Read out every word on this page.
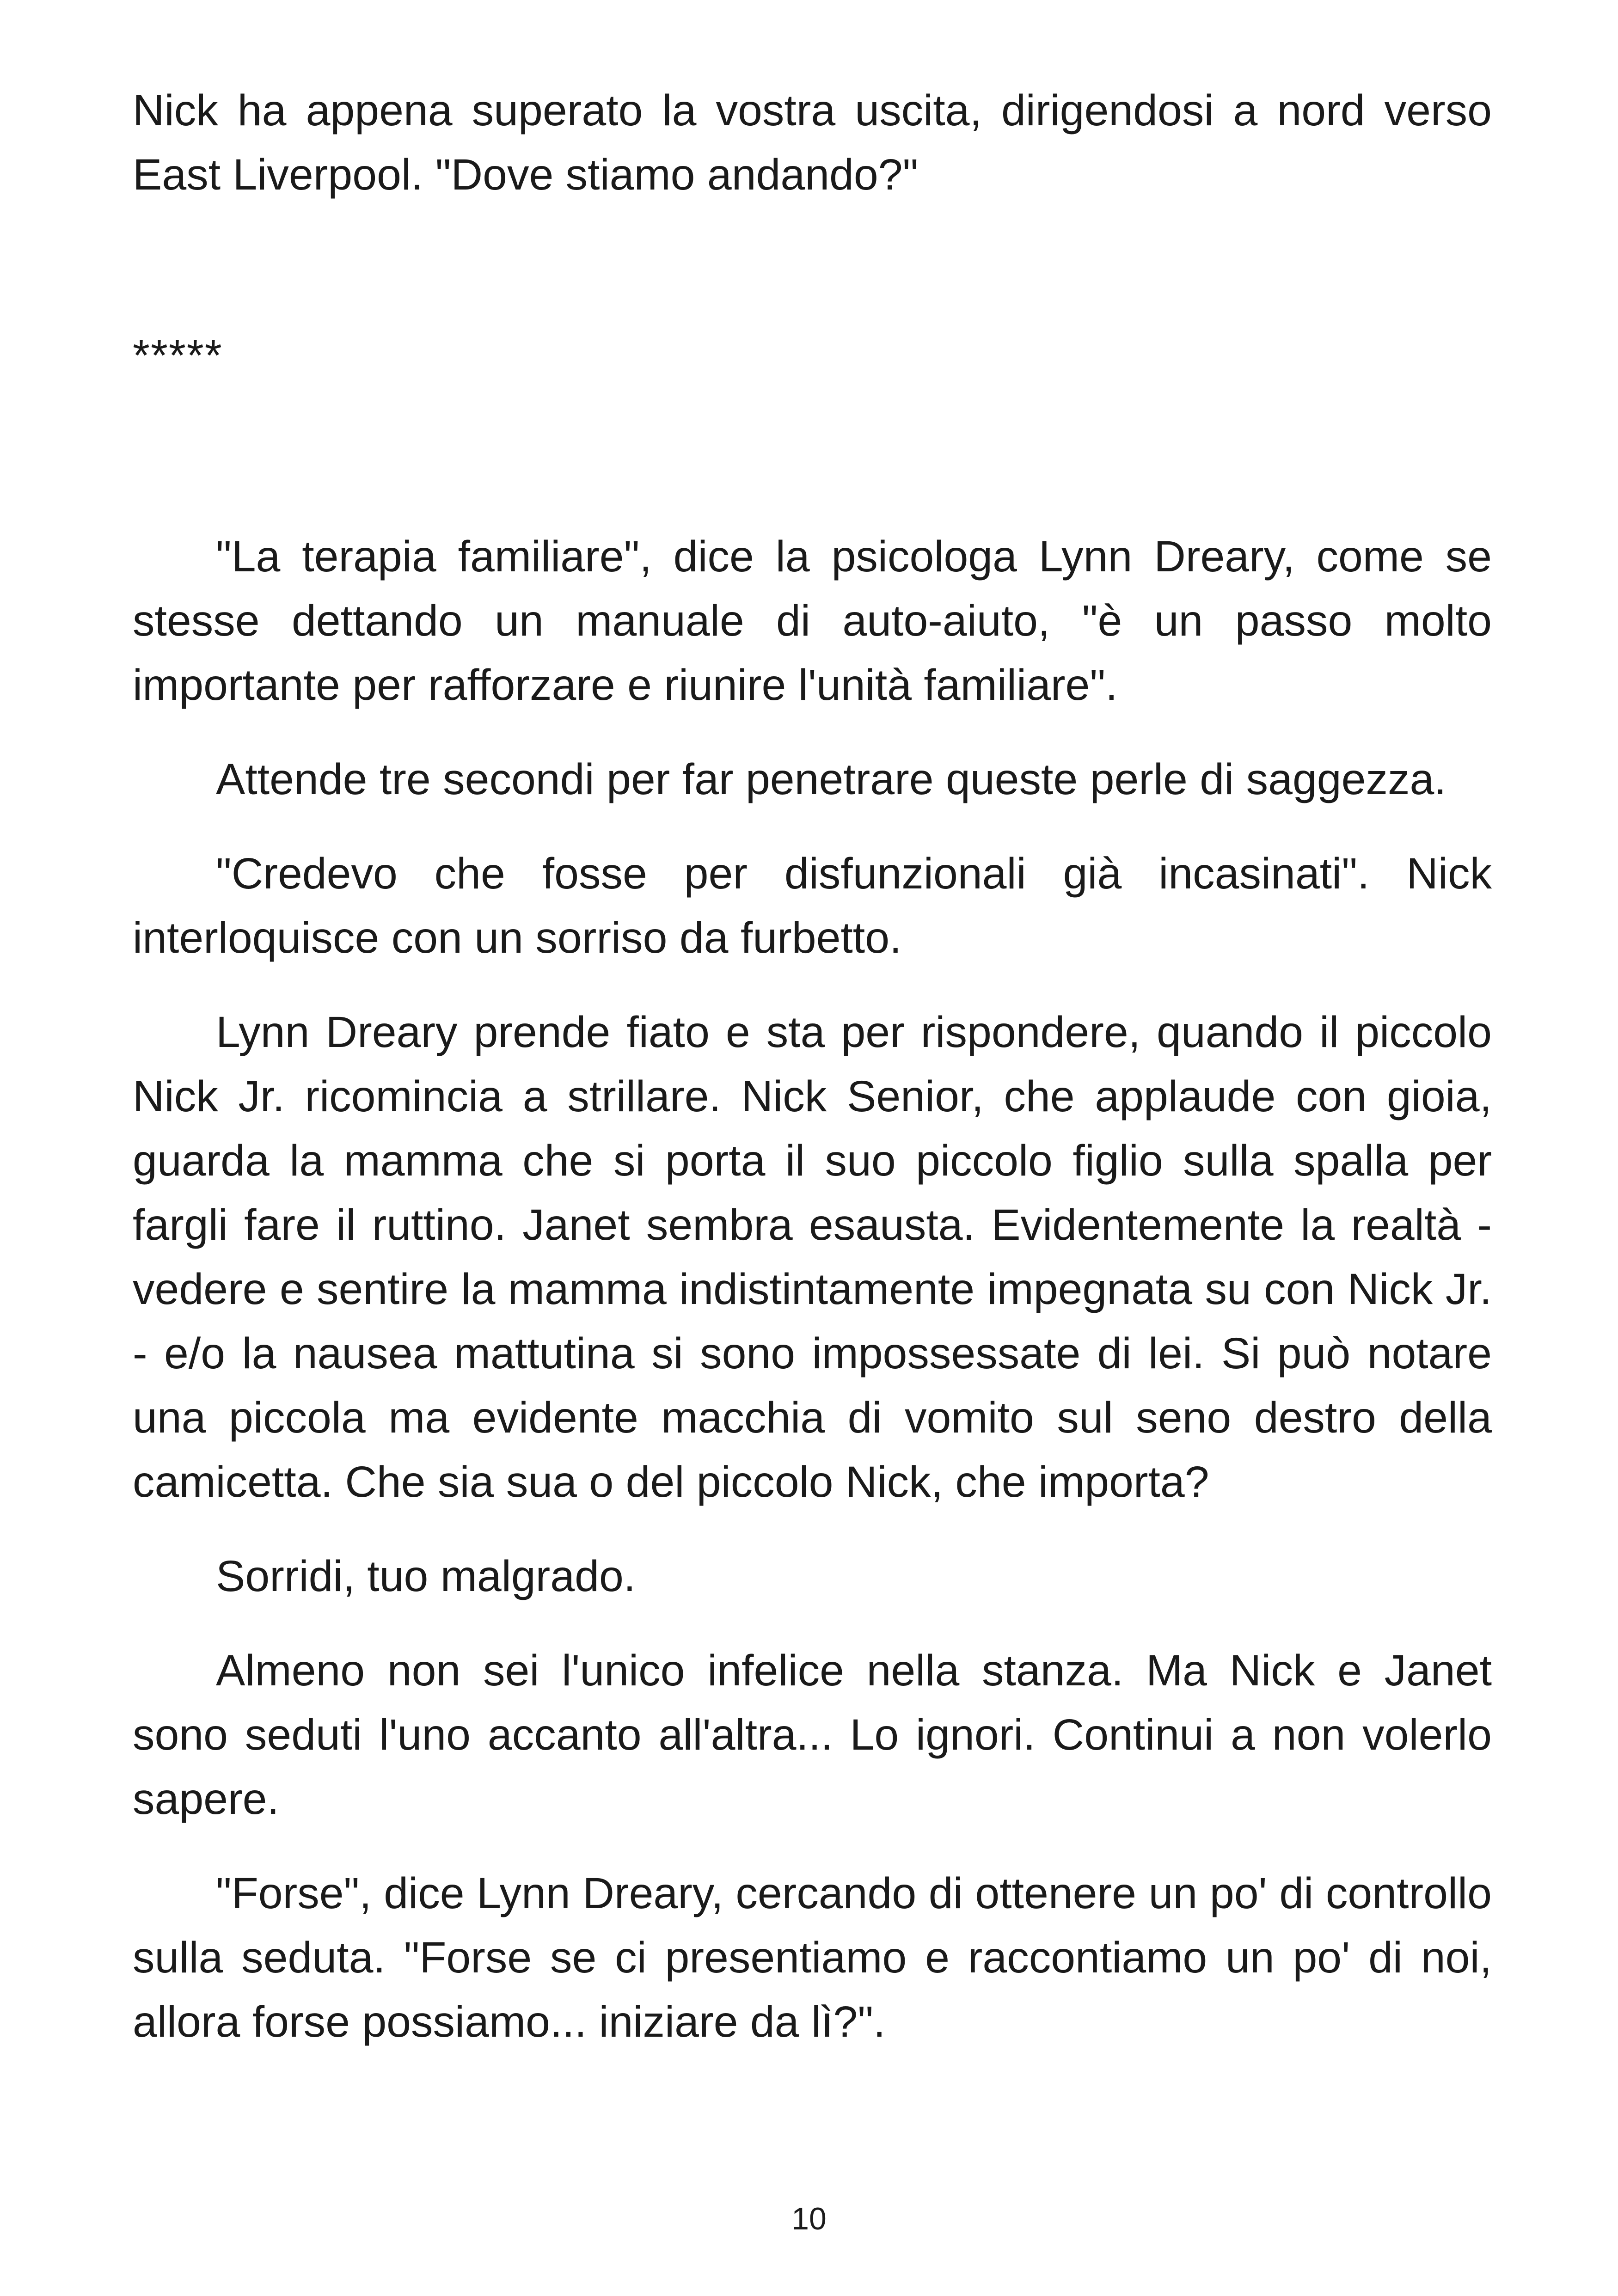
Nick ha appena superato la vostra uscita, dirigendosi a nord verso East Liverpool. "Dove stiamo andando?"

*****

"La terapia familiare", dice la psicologa Lynn Dreary, come se stesse dettando un manuale di auto-aiuto, "è un passo molto importante per rafforzare e riunire l'unità familiare".

Attende tre secondi per far penetrare queste perle di saggezza.

"Credevo che fosse per disfunzionali già incasinati". Nick interloquisce con un sorriso da furbetto.

Lynn Dreary prende fiato e sta per rispondere, quando il piccolo Nick Jr. ricomincia a strillare. Nick Senior, che applaude con gioia, guarda la mamma che si porta il suo piccolo figlio sulla spalla per fargli fare il ruttino. Janet sembra esausta. Evidentemente la realtà - vedere e sentire la mamma indistintamente impegnata su con Nick Jr. - e/o la nausea mattutina si sono impossessate di lei. Si può notare una piccola ma evidente macchia di vomito sul seno destro della camicetta. Che sia sua o del piccolo Nick, che importa?

Sorridi, tuo malgrado.

Almeno non sei l'unico infelice nella stanza. Ma Nick e Janet sono seduti l'uno accanto all'altra... Lo ignori. Continui a non volerlo sapere.

"Forse", dice Lynn Dreary, cercando di ottenere un po' di controllo sulla seduta. "Forse se ci presentiamo e raccontiamo un po' di noi, allora forse possiamo... iniziare da lì?".

10
